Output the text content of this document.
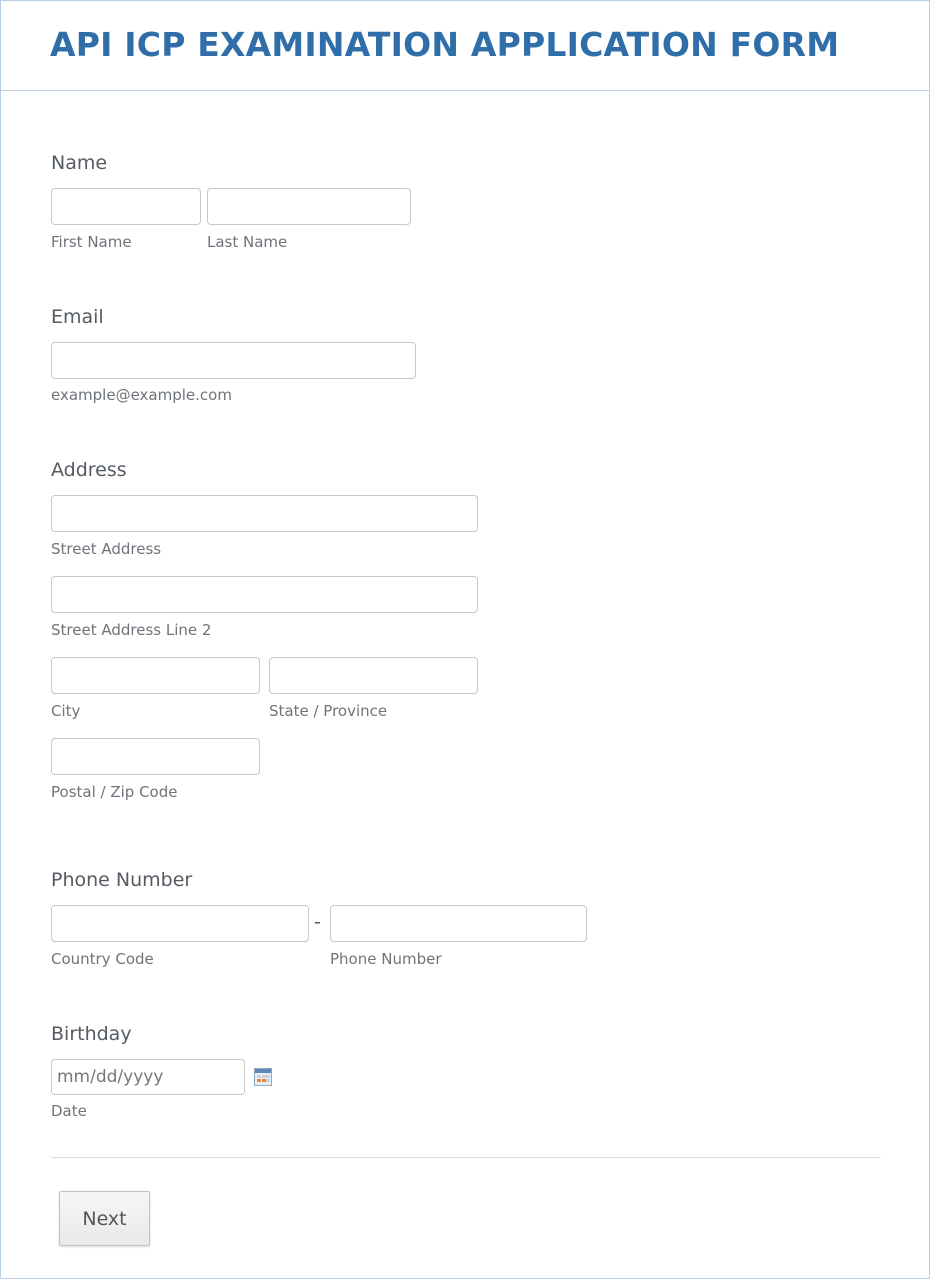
API ICP EXAMINATION APPLICATION FORM
Name
First Name	Last Name
Email
example@example.com
Address
Street Address
Street Address Line 2
City	State / Province
Postal / Zip Code
Phone Number
-
Country Code	Phone Number
Birthday
mm/dd/yyyy
Date
Next
